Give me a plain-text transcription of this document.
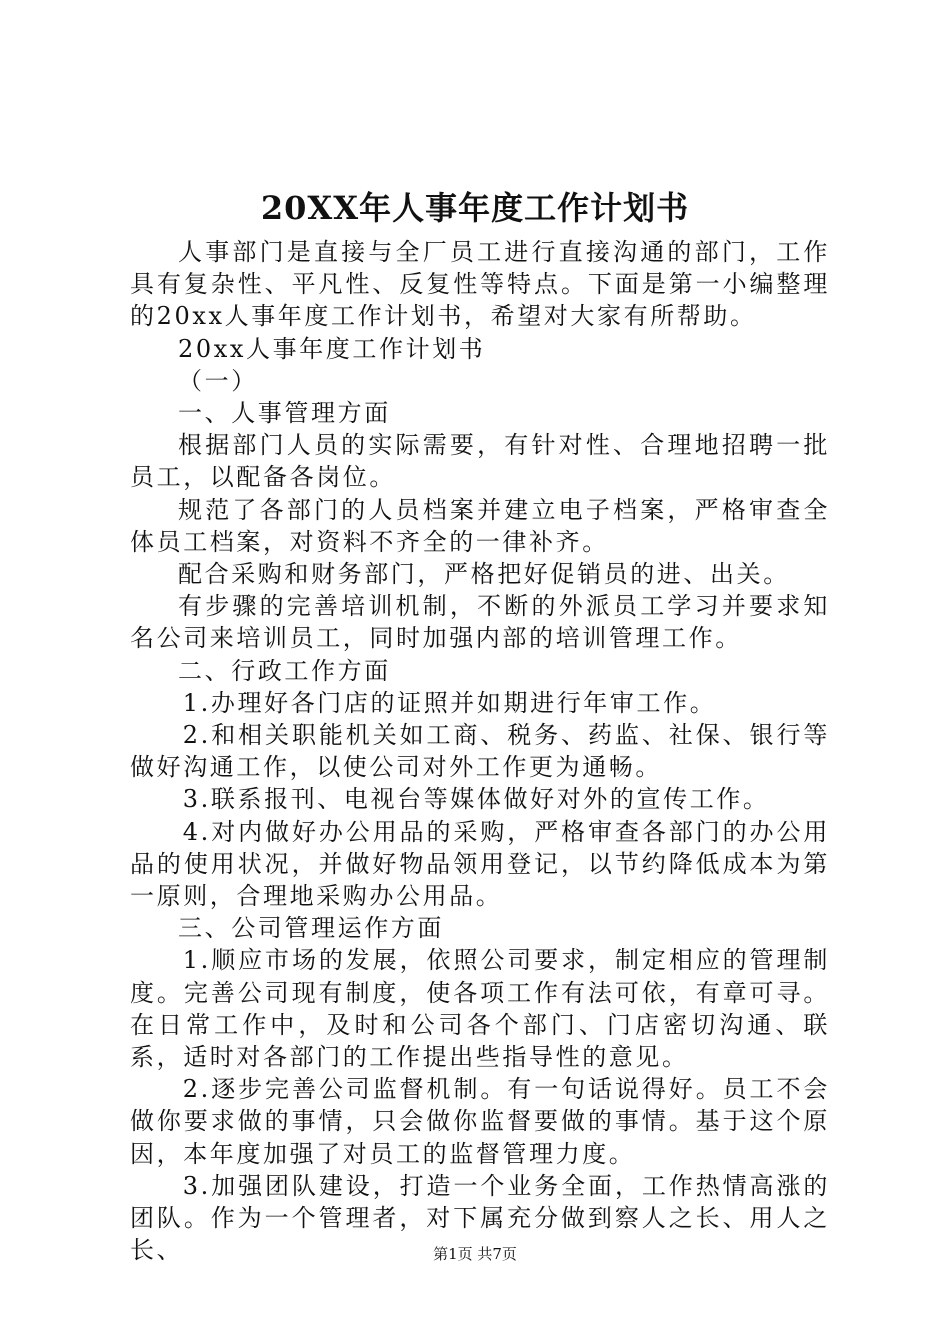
20XX年人事年度工作计划书

人事部门是直接与全厂员工进行直接沟通的部门，工作具有复杂性、平凡性、反复性等特点。下面是第一小编整理的20xx人事年度工作计划书，希望对大家有所帮助。

20xx人事年度工作计划书

（一）

一、人事管理方面

根据部门人员的实际需要，有针对性、合理地招聘一批员工，以配备各岗位。

规范了各部门的人员档案并建立电子档案，严格审查全体员工档案，对资料不齐全的一律补齐。

配合采购和财务部门，严格把好促销员的进、出关。

有步骤的完善培训机制，不断的外派员工学习并要求知名公司来培训员工，同时加强内部的培训管理工作。

二、行政工作方面

1.办理好各门店的证照并如期进行年审工作。

2.和相关职能机关如工商、税务、药监、社保、银行等做好沟通工作，以使公司对外工作更为通畅。

3.联系报刊、电视台等媒体做好对外的宣传工作。

4.对内做好办公用品的采购，严格审查各部门的办公用品的使用状况，并做好物品领用登记，以节约降低成本为第一原则，合理地采购办公用品。

三、公司管理运作方面

1.顺应市场的发展，依照公司要求，制定相应的管理制度。完善公司现有制度，使各项工作有法可依，有章可寻。在日常工作中，及时和公司各个部门、门店密切沟通、联系，适时对各部门的工作提出些指导性的意见。

2.逐步完善公司监督机制。有一句话说得好。员工不会做你要求做的事情，只会做你监督要做的事情。基于这个原因，本年度加强了对员工的监督管理力度。

3.加强团队建设，打造一个业务全面，工作热情高涨的团队。作为一个管理者，对下属充分做到察人之长、用人之长、	第1页 共7页
